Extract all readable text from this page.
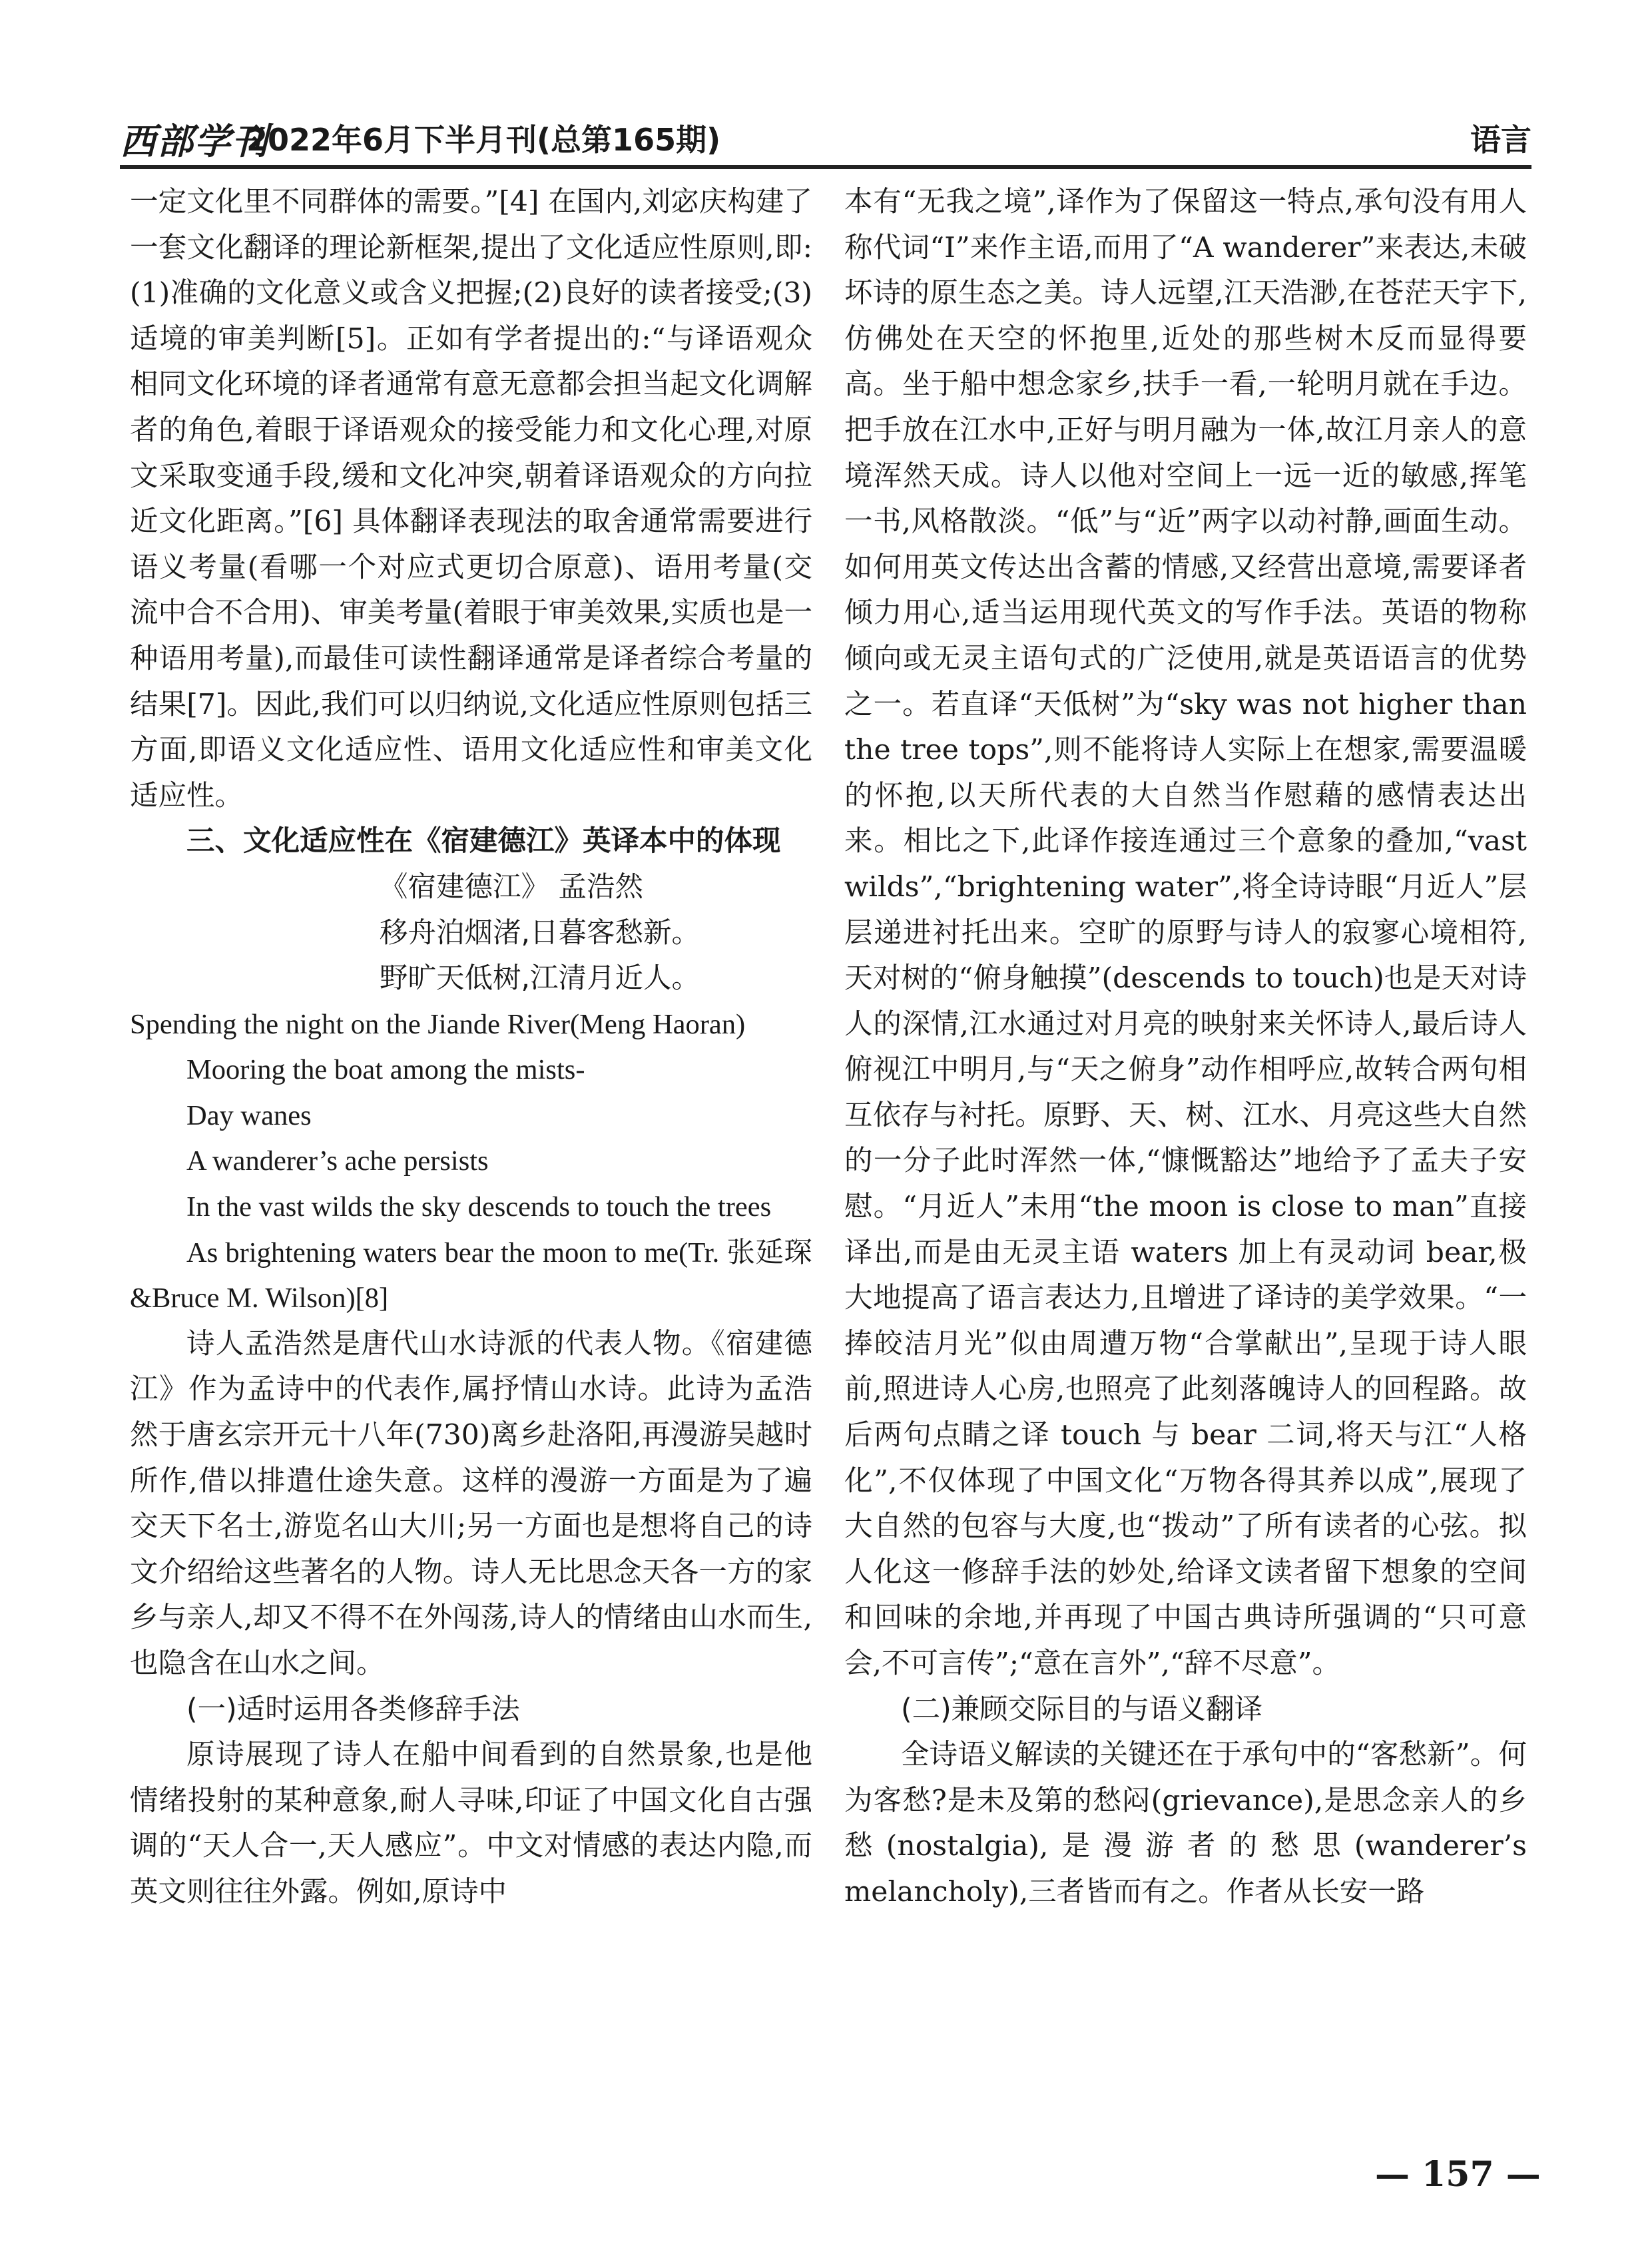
西部学刊
2022年6月下半月刊(总第165期)	语言

一定文化里不同群体的需要。”[4] 在国内,刘宓庆构建了一套文化翻译的理论新框架,提出了文化适应性原则,即:(1)准确的文化意义或含义把握;(2)良好的读者接受;(3)适境的审美判断[5]。正如有学者提出的:“与译语观众相同文化环境的译者通常有意无意都会担当起文化调解者的角色,着眼于译语观众的接受能力和文化心理,对原文采取变通手段,缓和文化冲突,朝着译语观众的方向拉近文化距离。”[6] 具体翻译表现法的取舍通常需要进行语义考量(看哪一个对应式更切合原意)、语用考量(交流中合不合用)、审美考量(着眼于审美效果,实质也是一种语用考量),而最佳可读性翻译通常是译者综合考量的结果[7]。因此,我们可以归纳说,文化适应性原则包括三方面,即语义文化适应性、语用文化适应性和审美文化适应性。

三、文化适应性在《宿建德江》英译本中的体现

《宿建德江》 孟浩然

移舟泊烟渚,日暮客愁新。

野旷天低树,江清月近人。

Spending the night on the Jiande River(Meng Haoran)

Mooring the boat among the mists-

Day wanes

A wanderer’s ache persists

In the vast wilds the sky descends to touch the trees

As brightening waters bear the moon to me(Tr. 张延琛 &Bruce M. Wilson)[8]

诗人孟浩然是唐代山水诗派的代表人物。《宿建德江》作为孟诗中的代表作,属抒情山水诗。此诗为孟浩然于唐玄宗开元十八年(730)离乡赴洛阳,再漫游吴越时所作,借以排遣仕途失意。这样的漫游一方面是为了遍交天下名士,游览名山大川;另一方面也是想将自己的诗文介绍给这些著名的人物。诗人无比思念天各一方的家乡与亲人,却又不得不在外闯荡,诗人的情绪由山水而生,也隐含在山水之间。

(一)适时运用各类修辞手法

原诗展现了诗人在船中间看到的自然景象,也是他情绪投射的某种意象,耐人寻味,印证了中国文化自古强调的“天人合一,天人感应”。中文对情感的表达内隐,而英文则往往外露。例如,原诗中

本有“无我之境”,译作为了保留这一特点,承句没有用人称代词“I”来作主语,而用了“A wanderer”来表达,未破坏诗的原生态之美。诗人远望,江天浩渺,在苍茫天宇下,仿佛处在天空的怀抱里,近处的那些树木反而显得要高。坐于船中想念家乡,扶手一看,一轮明月就在手边。把手放在江水中,正好与明月融为一体,故江月亲人的意境浑然天成。诗人以他对空间上一远一近的敏感,挥笔一书,风格散淡。“低”与“近”两字以动衬静,画面生动。如何用英文传达出含蓄的情感,又经营出意境,需要译者倾力用心,适当运用现代英文的写作手法。英语的物称倾向或无灵主语句式的广泛使用,就是英语语言的优势之一。若直译“天低树”为“sky was not higher than the tree tops”,则不能将诗人实际上在想家,需要温暖的怀抱,以天所代表的大自然当作慰藉的感情表达出来。相比之下,此译作接连通过三个意象的叠加,“vast wilds”,“brightening water”,将全诗诗眼“月近人”层层递进衬托出来。空旷的原野与诗人的寂寥心境相符,天对树的“俯身触摸”(descends to touch)也是天对诗人的深情,江水通过对月亮的映射来关怀诗人,最后诗人俯视江中明月,与“天之俯身”动作相呼应,故转合两句相互依存与衬托。原野、天、树、江水、月亮这些大自然的一分子此时浑然一体,“慷慨豁达”地给予了孟夫子安慰。“月近人”未用“the moon is close to man”直接译出,而是由无灵主语 waters 加上有灵动词 bear,极大地提高了语言表达力,且增进了译诗的美学效果。“一捧皎洁月光”似由周遭万物“合掌献出”,呈现于诗人眼前,照进诗人心房,也照亮了此刻落魄诗人的回程路。故后两句点睛之译 touch 与 bear 二词,将天与江“人格化”,不仅体现了中国文化“万物各得其养以成”,展现了大自然的包容与大度,也“拨动”了所有读者的心弦。拟人化这一修辞手法的妙处,给译文读者留下想象的空间和回味的余地,并再现了中国古典诗所强调的“只可意会,不可言传”;“意在言外”,“辞不尽意”。

(二)兼顾交际目的与语义翻译

全诗语义解读的关键还在于承句中的“客愁新”。何为客愁?是未及第的愁闷(grievance),是思念亲人的乡愁(nostalgia),是漫游者的愁思(wanderer’s melancholy),三者皆而有之。作者从长安一路

— 157 —
